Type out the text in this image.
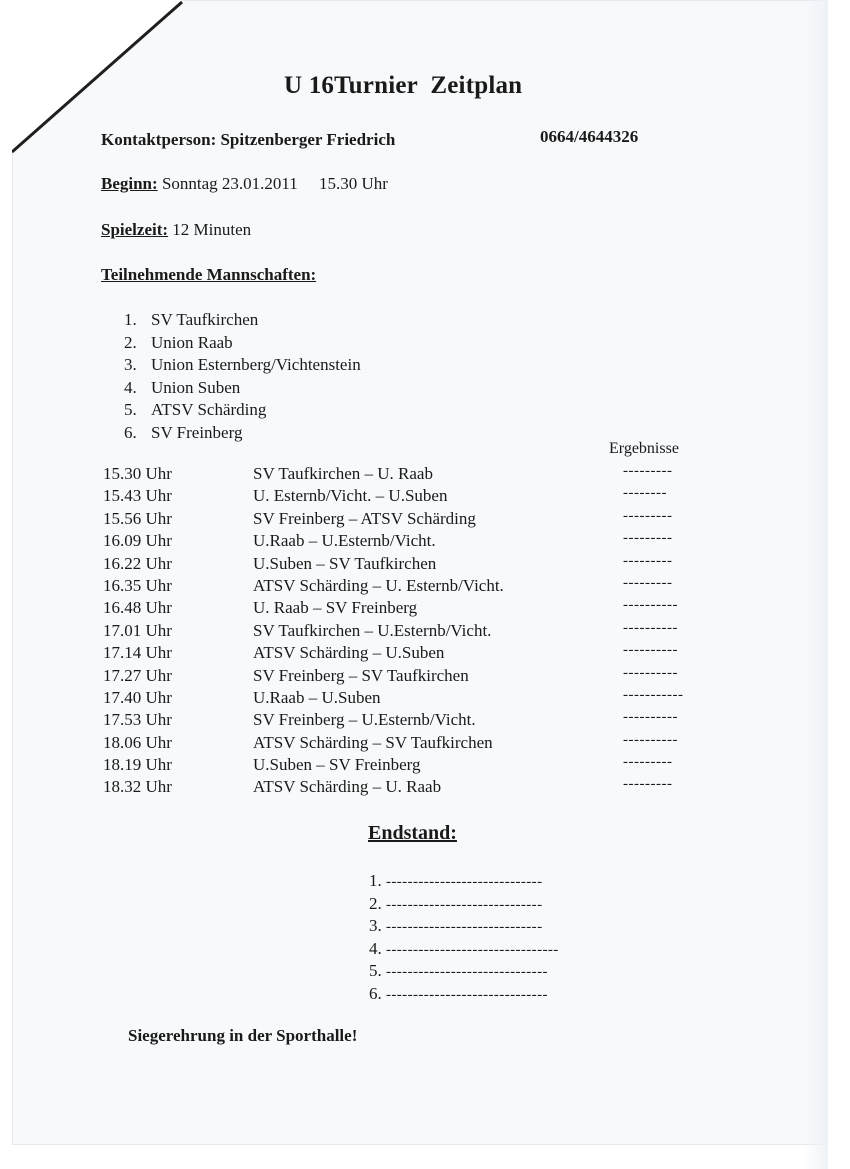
U 16Turnier  Zeitplan
Kontaktperson: Spitzenberger Friedrich	0664/4644326
Beginn: Sonntag 23.01.2011     15.30 Uhr
Spielzeit: 12 Minuten
Teilnehmende Mannschaften:
1. SV Taufkirchen
2. Union Raab
3. Union Esternberg/Vichtenstein
4. Union Suben
5. ATSV Schärding
6. SV Freinberg
Ergebnisse
15.30 Uhr	SV Taufkirchen – U. Raab	---------
15.43 Uhr	U. Esternb/Vicht. – U.Suben	--------
15.56 Uhr	SV Freinberg – ATSV Schärding	---------
16.09 Uhr	U.Raab – U.Esternb/Vicht.	---------
16.22 Uhr	U.Suben – SV Taufkirchen	---------
16.35 Uhr	ATSV Schärding – U. Esternb/Vicht.	---------
16.48 Uhr	U. Raab – SV Freinberg	----------
17.01 Uhr	SV Taufkirchen – U.Esternb/Vicht.	----------
17.14 Uhr	ATSV Schärding – U.Suben	----------
17.27 Uhr	SV Freinberg – SV Taufkirchen	----------
17.40 Uhr	U.Raab – U.Suben	-----------
17.53 Uhr	SV Freinberg – U.Esternb/Vicht.	----------
18.06 Uhr	ATSV Schärding – SV Taufkirchen	----------
18.19 Uhr	U.Suben – SV Freinberg	---------
18.32 Uhr	ATSV Schärding – U. Raab	---------
Endstand:
1. -----------------------------
2. -----------------------------
3. -----------------------------
4. --------------------------------
5. ------------------------------
6. ------------------------------
Siegerehrung in der Sporthalle!
